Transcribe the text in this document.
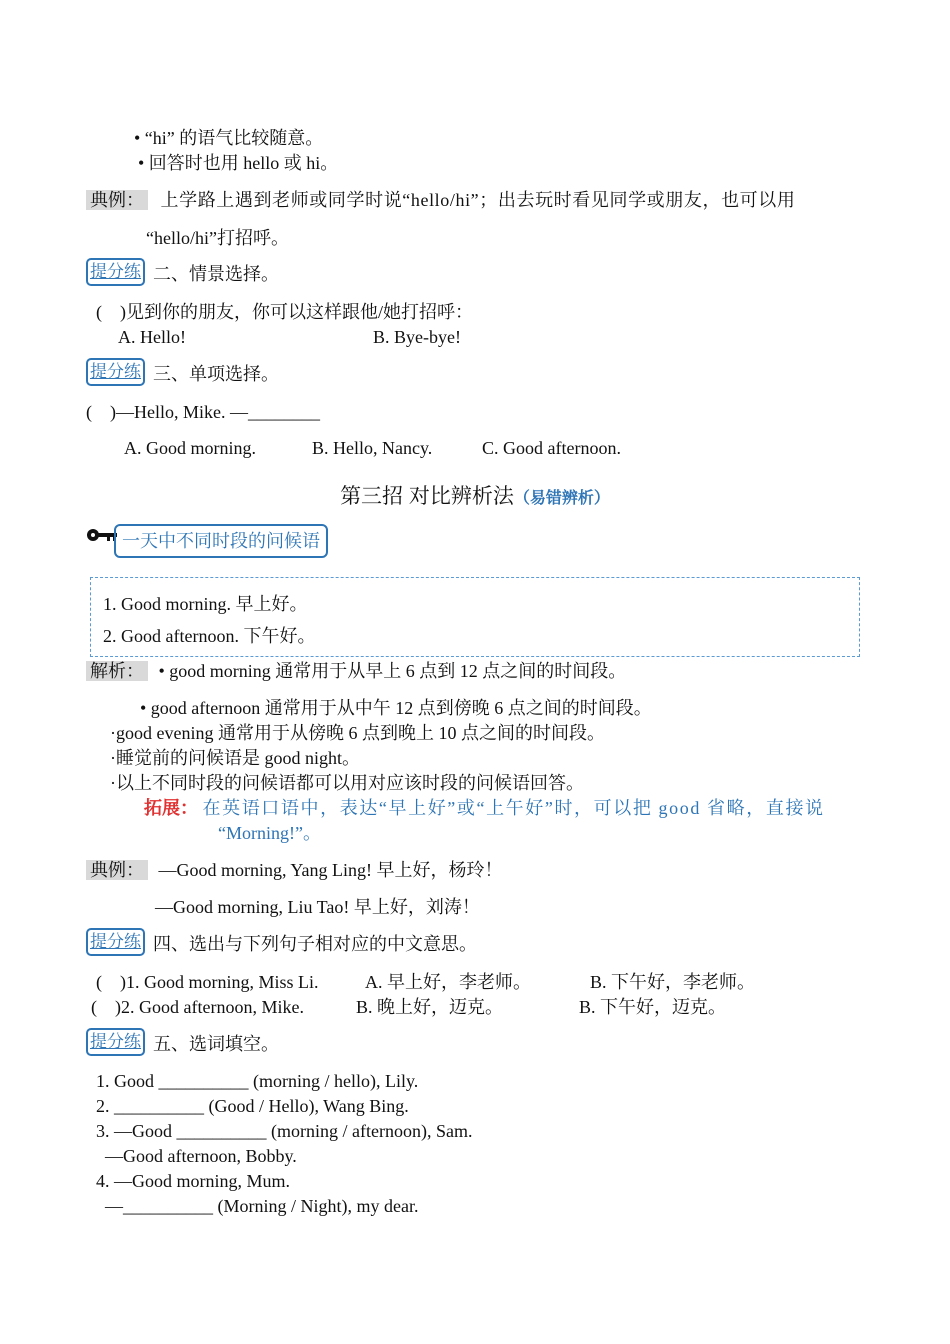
• “hi” 的语气比较随意。
• 回答时也用 hello 或 hi。
典例： 上学路上遇到老师或同学时说“hello/hi”；出去玩时看见同学或朋友，也可以用
“hello/hi”打招呼。
提分练 二、情景选择。
(　)见到你的朋友，你可以这样跟他/她打招呼：
A. Hello!	B. Bye-bye!
提分练 三、单项选择。
(　)—Hello, Mike. —________
A. Good morning.	B. Hello, Nancy.	C. Good afternoon.
第三招 对比辨析法（易错辨析）
一天中不同时段的问候语
1. Good morning. 早上好。
2. Good afternoon. 下午好。
解析： • good morning 通常用于从早上 6 点到 12 点之间的时间段。
• good afternoon 通常用于从中午 12 点到傍晚 6 点之间的时间段。
·good evening 通常用于从傍晚 6 点到晚上 10 点之间的时间段。
·睡觉前的问候语是 good night。
·以上不同时段的问候语都可以用对应该时段的问候语回答。
拓展： 在英语口语中，表达“早上好”或“上午好”时，可以把 good 省略，直接说
“Morning!”。
典例： —Good morning, Yang Ling! 早上好，杨玲！
—Good morning, Liu Tao! 早上好，刘涛！
提分练 四、选出与下列句子相对应的中文意思。
(　)1. Good morning, Miss Li.	A. 早上好，李老师。	B. 下午好，李老师。
(　)2. Good afternoon, Mike.	B. 晚上好，迈克。	B. 下午好，迈克。
提分练 五、选词填空。
1. Good __________ (morning / hello), Lily.
2. __________ (Good / Hello), Wang Bing.
3. —Good __________ (morning / afternoon), Sam.
—Good afternoon, Bobby.
4. —Good morning, Mum.
—__________ (Morning / Night), my dear.
